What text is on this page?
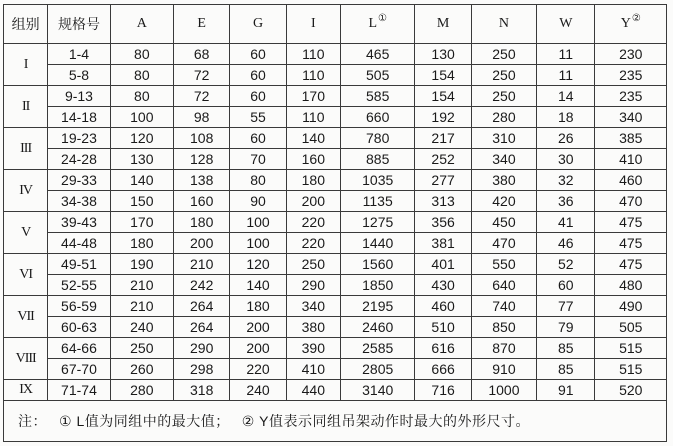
组别	规格号	A	E	G	I	L①	M	N	W	Y②
I	1-4	80	68	60	110	465	130	250	11	230
	5-8	80	72	60	110	505	154	250	11	235
II	9-13	80	72	60	170	585	154	250	14	235
	14-18	100	98	55	110	660	192	280	18	340
III	19-23	120	108	60	140	780	217	310	26	385
	24-28	130	128	70	160	885	252	340	30	410
IV	29-33	140	138	80	180	1035	277	380	32	460
	34-38	150	160	90	200	1135	313	420	36	470
V	39-43	170	180	100	220	1275	356	450	41	475
	44-48	180	200	100	220	1440	381	470	46	475
VI	49-51	190	210	120	250	1560	401	550	52	475
	52-55	210	242	140	290	1850	430	640	60	480
VII	56-59	210	264	180	340	2195	460	740	77	490
	60-63	240	264	200	380	2460	510	850	79	505
VIII	64-66	250	290	200	390	2585	616	870	85	515
	67-70	260	298	220	410	2805	666	910	85	515
IX	71-74	280	318	240	440	3140	716	1000	91	520
注： ① L值为同组中的最大值； ② Y值表示同组吊架动作时最大的外形尺寸。										
